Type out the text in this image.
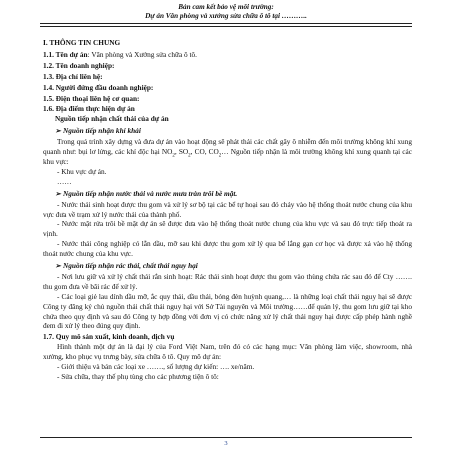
Bản cam kết bảo vệ môi trường:
Dự án Văn phòng và xưởng sửa chữa ô tô tại ………..

I. THÔNG TIN CHUNG

1.1. Tên dự án: Văn phòng và Xưởng sửa chữa ô tô.

1.2. Tên doanh nghiệp:

1.3. Địa chỉ liên hệ:

1.4. Người đứng đầu doanh nghiệp:

1.5. Điện thoại liên hệ cơ quan:

1.6. Địa điểm thực hiện dự án

Nguồn tiếp nhận chất thải của dự án

➢ Nguồn tiếp nhận khí khải

Trong quá trình xây dựng và đưa dự án vào hoạt động sẽ phát thải các chất gây ô nhiễm đến môi trường không khí xung quanh như: bụi lơ lửng, các khí độc hại $NO_2$, $SO_2$, CO, $CO_2\dots$ Nguồn tiếp nhận là môi trường không khí xung quanh tại các khu vực:

- Khu vực dự án.

……

➢ Nguồn tiếp nhận nước thải và nước mưa tràn trôi bề mặt.

- Nước thải sinh hoạt được thu gom và xử lý sơ bộ tại các bể tự hoại sau đó chảy vào hệ thống thoát nước chung của khu vực đưa về trạm xử lý nước thải của thành phố.

- Nước mặt rửa trôi bề mặt dự án sẽ được đưa vào hệ thống thoát nước chung của khu vực và sau đó trực tiếp thoát ra vịnh.

- Nước thải công nghiệp có lẫn dầu, mỡ sau khi được thu gom xử lý qua bể lắng gạn cơ học và được xả vào hệ thống thoát nước chung của khu vực.

➢ Nguồn tiếp nhận rác thải, chất thải nguy hại

- Nơi lưu giữ và xử lý chất thải rắn sinh hoạt: Rác thải sinh hoạt được thu gom vào thùng chứa rác sau đó để Cty ……. thu gom đưa về bãi rác để xử lý.

- Các loại giẻ lau dính dầu mỡ, ắc quy thải, dầu thải, bóng đèn huỳnh quang,… là những loại chất thải nguy hại sẽ được Công ty đăng ký chủ nguồn thải chất thải nguy hại với Sở Tài nguyên và Môi trường……để quản lý, thu gom lưu giữ tại kho chứa theo quy định và sau đó Công ty hợp đồng với đơn vị có chức năng xử lý chất thải nguy hại được cấp phép hành nghề đem đi xử lý theo đúng quy định.

1.7. Quy mô sản xuất, kinh doanh, dịch vụ

Hình thành một dự án là đại lý của Ford Việt Nam, trên đó có các hạng mục: Văn phòng làm việc, showroom, nhà xưởng, kho phục vụ trưng bày, sửa chữa ô tô. Quy mô dự án:

- Giới thiệu và bán các loại xe ……., số lượng dự kiến: …. xe/năm.

- Sửa chữa, thay thế phụ tùng cho các phương tiện ô tô:

3
